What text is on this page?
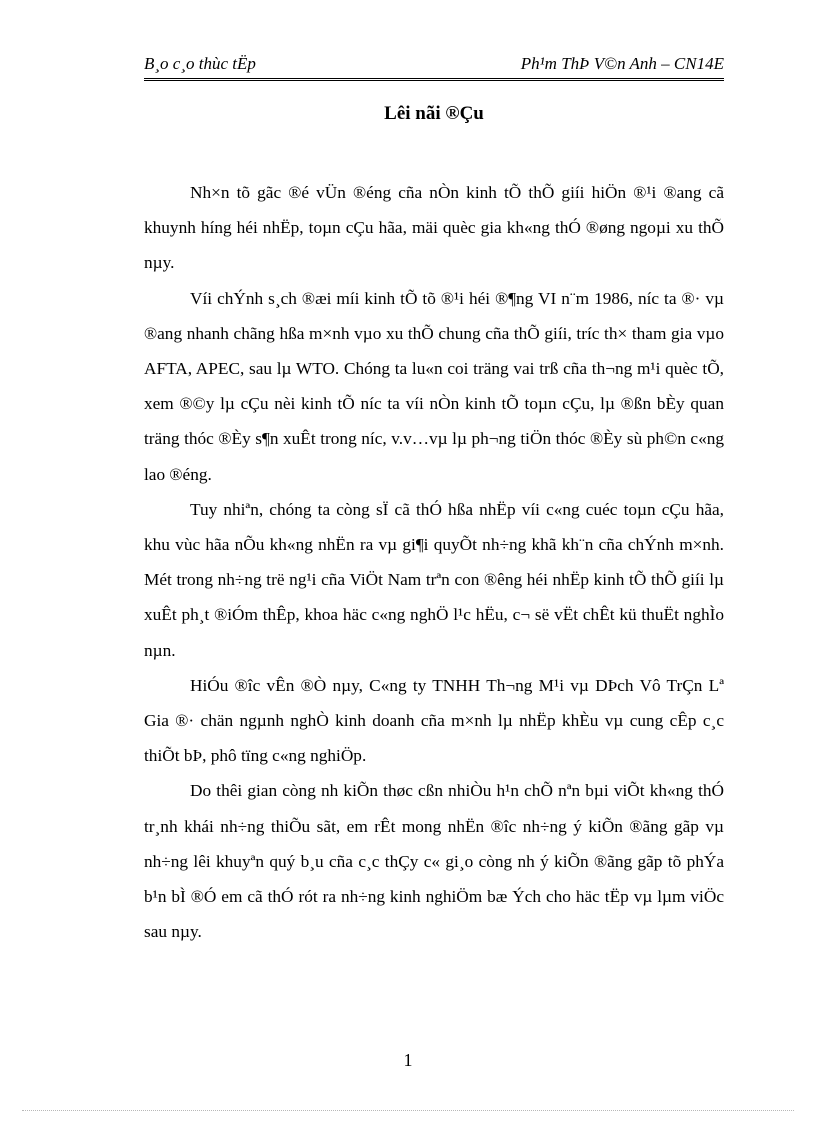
B¸o c¸o thùc tËp	Ph¹m ThÞ V©n Anh – CN14E
Lêi nãi ®Çu

Nh×n tõ gãc ®é vÜn ®éng cña nÒn kinh tÕ thÕ giíi hiÖn ®¹i ®ang cã khuynh híng héi nhËp, toµn cÇu hãa, mäi quèc gia kh«ng thÓ ®øng ngoµi xu thÕ nµy.

Víi chÝnh s¸ch ®æi míi kinh tÕ tõ ®¹i héi ®¶ng VI n¨m 1986, níc ta ®· vµ ®ang nhanh chãng hßa m×nh vµo xu thÕ chung cña thÕ giíi, tríc th× tham gia vµo AFTA, APEC, sau lµ WTO. Chóng ta lu«n coi träng vai trß cña th¬ng m¹i quèc tÕ, xem ®©y lµ cÇu nèi kinh tÕ níc ta víi nÒn kinh tÕ toµn cÇu, lµ ®ßn bÈy quan träng thóc ®Èy s¶n xuÊt trong níc, v.v…vµ lµ ph¬ng tiÖn thóc ®Èy sù ph©n c«ng lao ®éng.

Tuy nhiªn, chóng ta còng sÏ cã thÓ hßa nhËp víi c«ng cuéc toµn cÇu hãa, khu vùc hãa nÕu kh«ng nhËn ra vµ gi¶i quyÕt nh÷ng khã kh¨n cña chÝnh m×nh. Mét trong nh÷ng trë ng¹i cña ViÖt Nam trªn con ®êng héi nhËp kinh tÕ thÕ giíi lµ xuÊt ph¸t ®iÓm thÊp, khoa häc c«ng nghÖ l¹c hËu, c¬ së vËt chÊt kü thuËt nghÌo nµn.

HiÓu ®îc vÊn ®Ò nµy, C«ng ty TNHH Th¬ng M¹i vµ DÞch Vô TrÇn Lª Gia ®· chän ngµnh nghÒ kinh doanh cña m×nh lµ nhËp khÈu vµ cung cÊp c¸c thiÕt bÞ, phô tïng c«ng nghiÖp.

Do thêi gian còng nh kiÕn thøc cßn nhiÒu h¹n chÕ nªn bµi viÕt kh«ng thÓ tr¸nh khái nh÷ng thiÕu sãt, em rÊt mong nhËn ®îc nh÷ng ý kiÕn ®ãng gãp vµ nh÷ng lêi khuyªn quý b¸u cña c¸c thÇy c« gi¸o còng nh ý kiÕn ®ãng gãp tõ phÝa b¹n bÌ ®Ó em cã thÓ rót ra nh÷ng kinh nghiÖm bæ Ých cho häc tËp vµ lµm viÖc sau nµy.

1
